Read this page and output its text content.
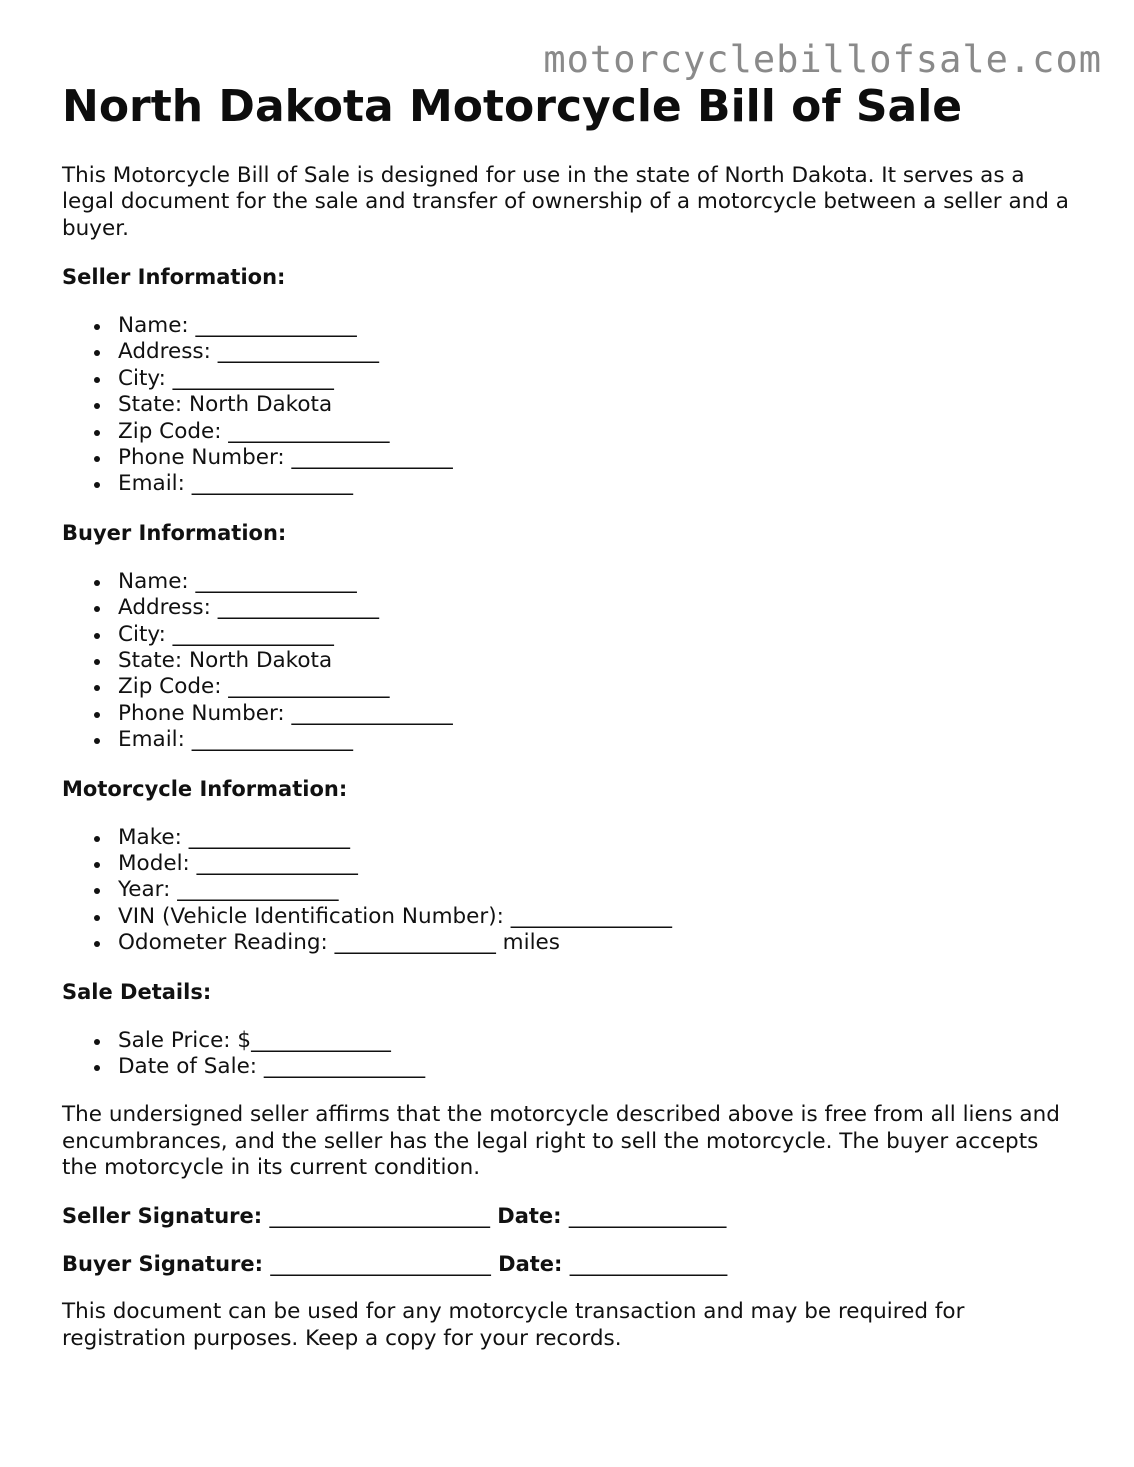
motorcyclebillofsale.com
North Dakota Motorcycle Bill of Sale

This Motorcycle Bill of Sale is designed for use in the state of North Dakota. It serves as a legal document for the sale and transfer of ownership of a motorcycle between a seller and a buyer.

Seller Information:

Name: _______________
Address: _______________
City: _______________
State: North Dakota
Zip Code: _______________
Phone Number: _______________
Email: _______________

Buyer Information:

Name: _______________
Address: _______________
City: _______________
State: North Dakota
Zip Code: _______________
Phone Number: _______________
Email: _______________

Motorcycle Information:

Make: _______________
Model: _______________
Year: _______________
VIN (Vehicle Identification Number): _______________
Odometer Reading: _______________ miles

Sale Details:

Sale Price: $_____________
Date of Sale: _______________

The undersigned seller affirms that the motorcycle described above is free from all liens and encumbrances, and the seller has the legal right to sell the motorcycle. The buyer accepts the motorcycle in its current condition.

Seller Signature: _____________________ Date: _______________

Buyer Signature: _____________________ Date: _______________

This document can be used for any motorcycle transaction and may be required for registration purposes. Keep a copy for your records.
